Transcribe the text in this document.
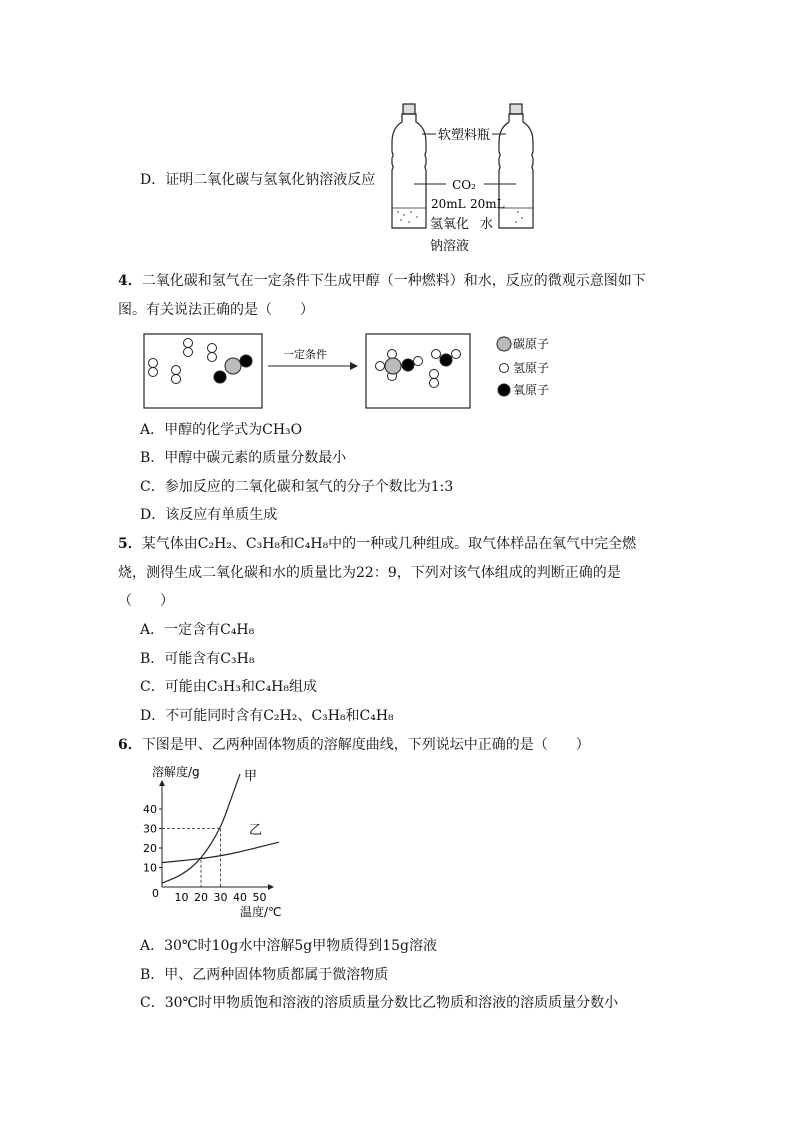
D．证明二氧化碳与氢氧化钠溶液反应
软塑料瓶
CO₂
20mL 20mL
氢氧化
钠溶液
水
4．二氧化碳和氢气在一定条件下生成甲醇（一种燃料）和水，反应的微观示意图如下
图。有关说法正确的是（　　）
一定条件
碳原子
氢原子
氧原子
A．甲醇的化学式为CH₃O
B．甲醇中碳元素的质量分数最小
C．参加反应的二氧化碳和氢气的分子个数比为1:3
D．该反应有单质生成
5．某气体由C₂H₂、C₃H₈和C₄H₈中的一种或几种组成。取气体样品在氧气中完全燃
烧，测得生成二氧化碳和水的质量比为22：9，下列对该气体组成的判断正确的是
（　　）
A．一定含有C₄H₈
B．可能含有C₃H₈
C．可能由C₃H₃和C₄H₈组成
D．不可能同时含有C₂H₂、C₃H₈和C₄H₈
6．下图是甲、乙两种固体物质的溶解度曲线，下列说坛中正确的是（　　）
10 20 30 40 50
10
20
30
40
甲
乙
溶解度/g
温度/℃
0
A．30℃时10g水中溶解5g甲物质得到15g溶液
B．甲、乙两种固体物质都属于微溶物质
C．30℃时甲物质饱和溶液的溶质质量分数比乙物质和溶液的溶质质量分数小
